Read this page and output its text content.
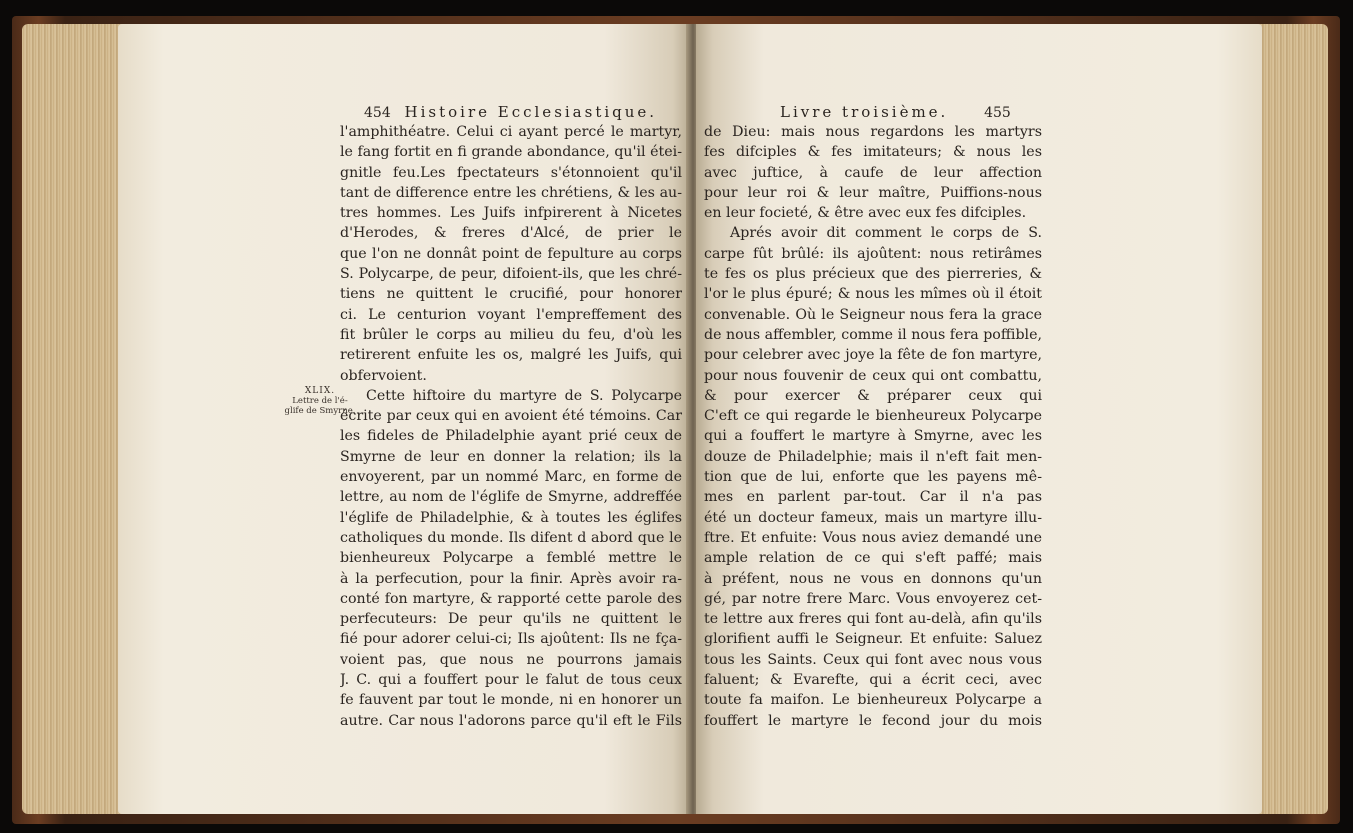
454 Histoire Ecclesiastique.
XLIX.
Lettre de l'é-
glife de Smyrne.
l'amphithéatre. Celui ci ayant percé le martyr,
le fang fortit en fi grande abondance, qu'il étei-
gnitle feu.Les fpectateurs s'étonnoient qu'il
tant de difference entre les chrétiens, & les au-
tres hommes. Les Juifs infpirerent à Nicetes
d'Herodes, & freres d'Alcé, de prier le
que l'on ne donnât point de fepulture au corps
S. Polycarpe, de peur, difoient-ils, que les chré-
tiens ne quittent le crucifié, pour honorer
ci. Le centurion voyant l'empreffement des
fit brûler le corps au milieu du feu, d'où les
retirerent enfuite les os, malgré les Juifs, qui
obfervoient.
Cette hiftoire du martyre de S. Polycarpe
écrite par ceux qui en avoient été témoins. Car
les fideles de Philadelphie ayant prié ceux de
Smyrne de leur en donner la relation; ils la
envoyerent, par un nommé Marc, en forme de
lettre, au nom de l'églife de Smyrne, addreffée
l'églife de Philadelphie, & à toutes les églifes
catholiques du monde. Ils difent d abord que le
bienheureux Polycarpe a femblé mettre le
à la perfecution, pour la finir. Après avoir ra-
conté fon martyre, & rapporté cette parole des
perfecuteurs: De peur qu'ils ne quittent le
fié pour adorer celui-ci; Ils ajoûtent: Ils ne fça-
voient pas, que nous ne pourrons jamais
J. C. qui a fouffert pour le falut de tous ceux
fe fauvent par tout le monde, ni en honorer un
autre. Car nous l'adorons parce qu'il eft le Fils
Livre troisième.	455
de Dieu: mais nous regardons les martyrs
fes difciples & fes imitateurs; & nous les
avec juftice, à caufe de leur affection
pour leur roi & leur maître, Puiffions-nous
en leur focieté, & être avec eux fes difciples.
Aprés avoir dit comment le corps de S.
carpe fût brûlé: ils ajoûtent: nous retirâmes
te fes os plus précieux que des pierreries, &
l'or le plus épuré; & nous les mîmes où il étoit
convenable. Où le Seigneur nous fera la grace
de nous affembler, comme il nous fera poffible,
pour celebrer avec joye la fête de fon martyre,
pour nous fouvenir de ceux qui ont combattu,
& pour exercer & préparer ceux qui
C'eft ce qui regarde le bienheureux Polycarpe
qui a fouffert le martyre à Smyrne, avec les
douze de Philadelphie; mais il n'eft fait men-
tion que de lui, enforte que les payens mê-
mes en parlent par-tout. Car il n'a pas
été un docteur fameux, mais un martyre illu-
ftre. Et enfuite: Vous nous aviez demandé une
ample relation de ce qui s'eft paffé; mais
à préfent, nous ne vous en donnons qu'un
gé, par notre frere Marc. Vous envoyerez cet-
te lettre aux freres qui font au-delà, afin qu'ils
glorifient auffi le Seigneur. Et enfuite: Saluez
tous les Saints. Ceux qui font avec nous vous
faluent; & Evarefte, qui a écrit ceci, avec
toute fa maifon. Le bienheureux Polycarpe a
fouffert le martyre le fecond jour du mois
